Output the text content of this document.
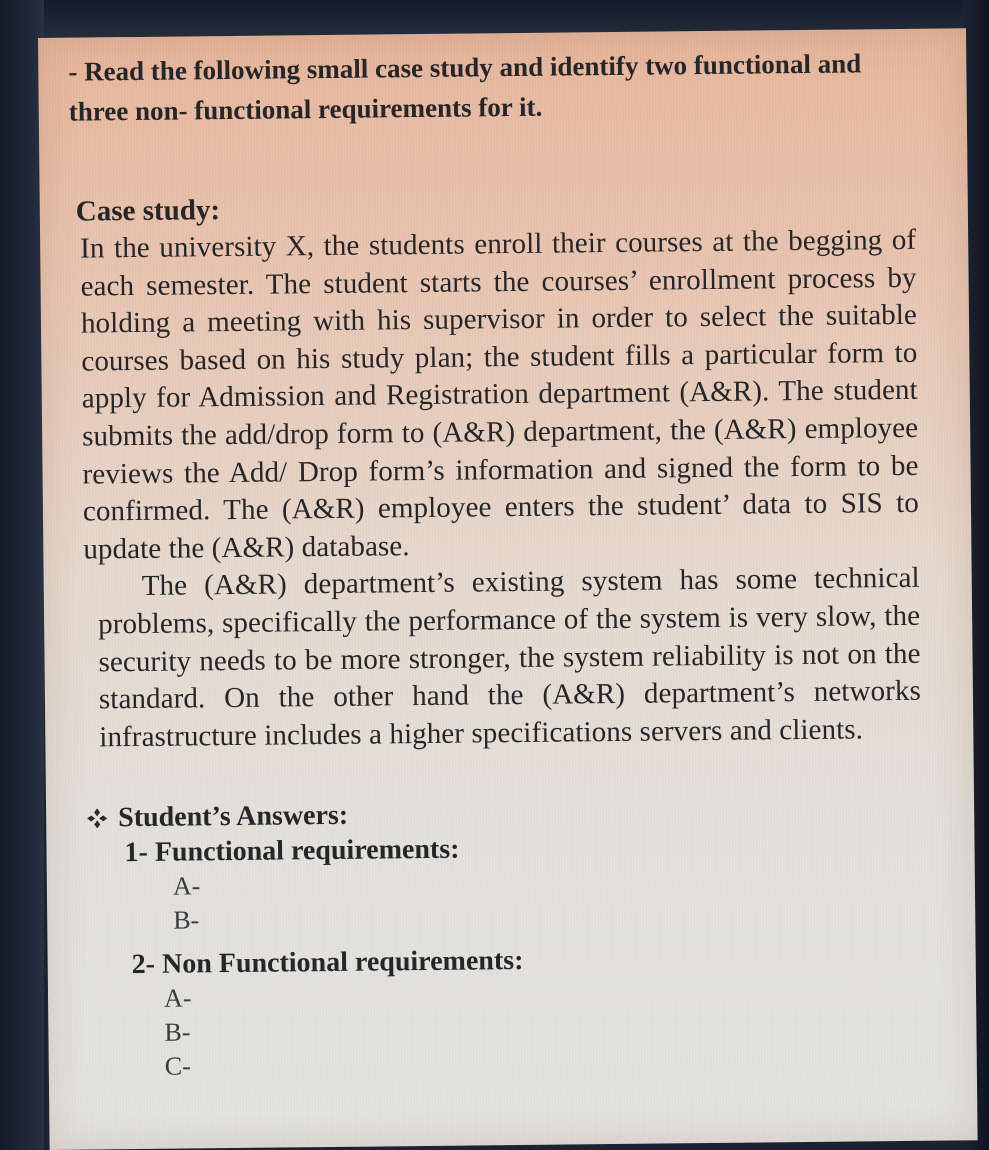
- Read the following small case study and identify two functional and three non- functional requirements for it.

Case study:

In the university X, the students enroll their courses at the begging of each semester. The student starts the courses’ enrollment process by holding a meeting with his supervisor in order to select the suitable courses based on his study plan; the student fills a particular form to apply for Admission and Registration department (A&R). The student submits the add/drop form to (A&R) department, the (A&R) employee reviews the Add/ Drop form’s information and signed the form to be confirmed. The (A&R) employee enters the student’ data to SIS to update the (A&R) database.

The (A&R) department’s existing system has some technical problems, specifically the performance of the system is very slow, the security needs to be more stronger, the system reliability is not on the standard. On the other hand the (A&R) department’s networks infrastructure includes a higher specifications servers and clients.

Student’s Answers:
1- Functional requirements:
A-
B-
2- Non Functional requirements:
A-
B-
C-
